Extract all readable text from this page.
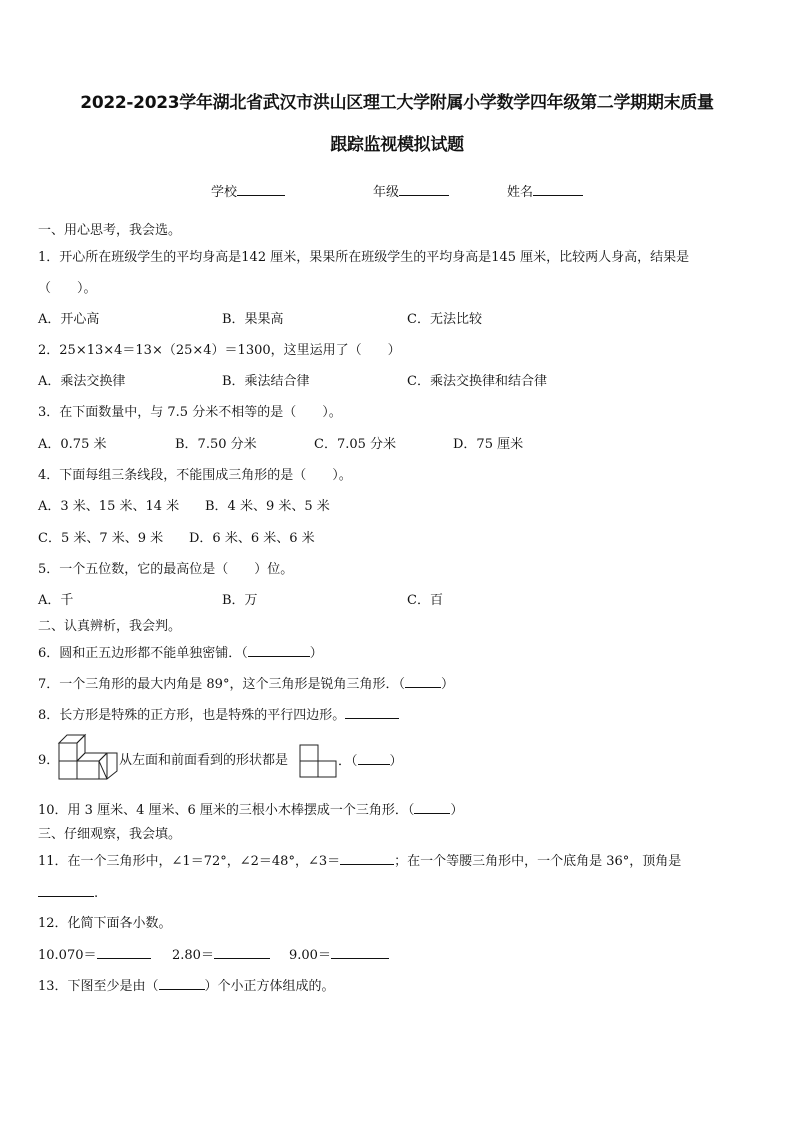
2022-2023学年湖北省武汉市洪山区理工大学附属小学数学四年级第二学期期末质量
跟踪监视模拟试题
学校	年级	姓名
一、用心思考，我会选。
1．开心所在班级学生的平均身高是142 厘米，果果所在班级学生的平均身高是145 厘米，比较两人身高，结果是
（　　）。
A．开心高	B．果果高	C．无法比较
2．25×13×4＝13×（25×4）＝1300，这里运用了（　　）
A．乘法交换律	B．乘法结合律	C．乘法交换律和结合律
3．在下面数量中，与 7.5 分米不相等的是（　　）。
A．0.75 米	B．7.50 分米	C．7.05 分米	D．75 厘米
4．下面每组三条线段，不能围成三角形的是（　　）。
A．3 米、15 米、14 米 B．4 米、9 米、5 米
C．5 米、7 米、9 米 D．6 米、6 米、6 米
5．一个五位数，它的最高位是（　　）位。
A．千	B．万	C．百
二、认真辨析，我会判。
6．圆和正五边形都不能单独密铺．（	）
7．一个三角形的最大内角是 89°，这个三角形是锐角三角形．（	）
8．长方形是特殊的正方形，也是特殊的平行四边形。
9．	从左面和前面看到的形状都是	．（ ）
10．用 3 厘米、4 厘米、6 厘米的三根小木棒摆成一个三角形．（	）
三、仔细观察，我会填。
11．在一个三角形中，∠1＝72°，∠2＝48°，∠3＝	；在一个等腰三角形中，一个底角是 36°，顶角是
.
12．化简下面各小数。
10.070＝	2.80＝	9.00＝
13．下图至少是由（	）个小正方体组成的。
